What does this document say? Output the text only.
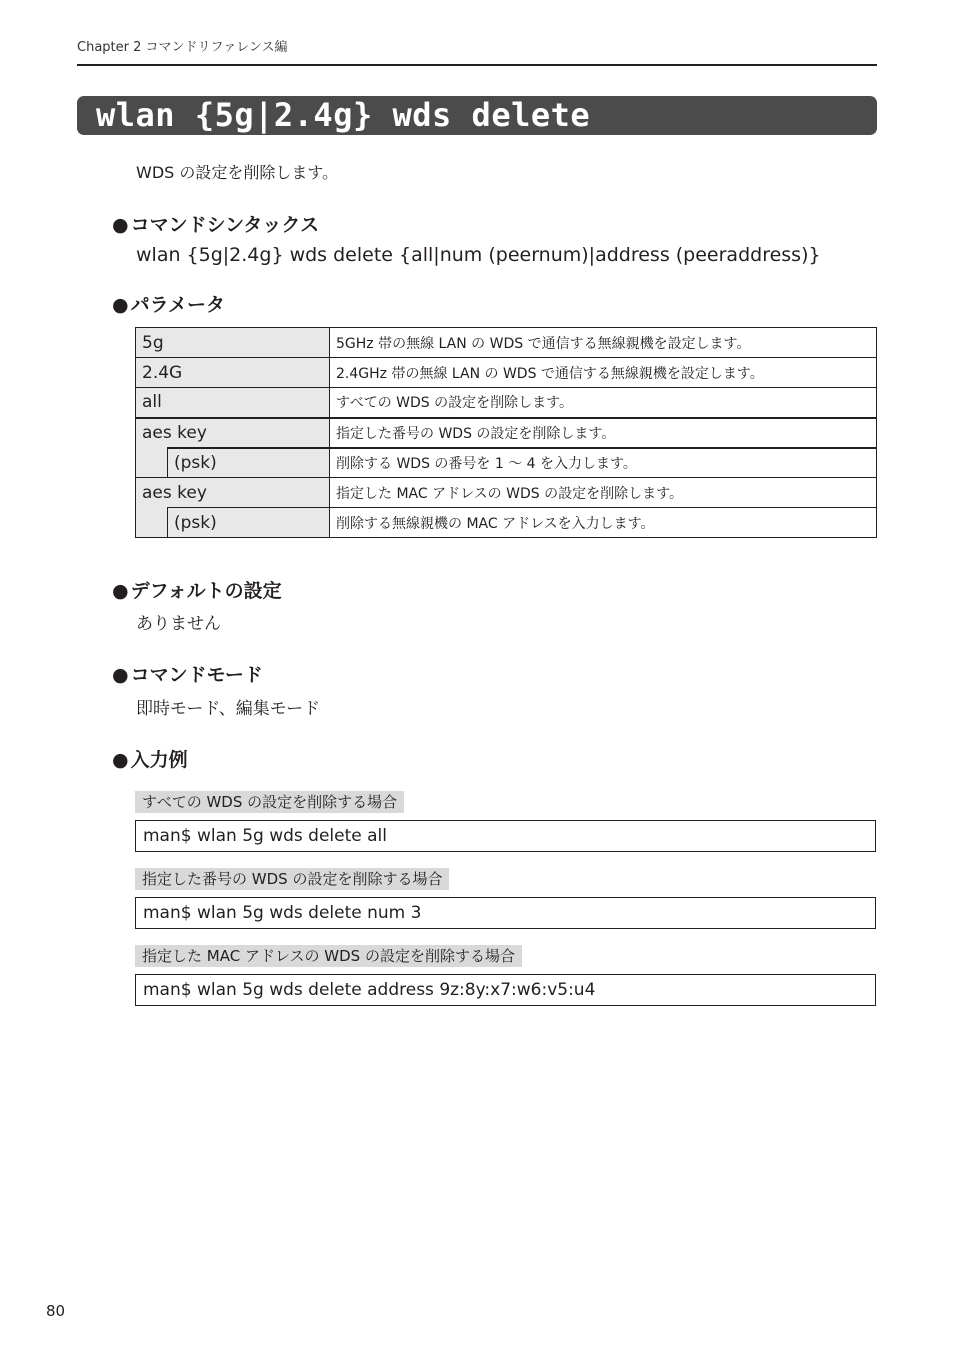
Chapter 2 コマンドリファレンス編
wlan {5g|2.4g} wds delete
WDS の設定を削除します。
● コマンドシンタックス
wlan {5g|2.4g} wds delete {all|num (peernum)|address (peeraddress)}
● パラメータ
5g		5GHz 帯の無線 LAN の WDS で通信する無線親機を設定します。
2.4G		2.4GHz 帯の無線 LAN の WDS で通信する無線親機を設定します。
all		すべての WDS の設定を削除します。
aes key		指定した番号の WDS の設定を削除します。
	(psk)	削除する WDS の番号を 1 〜 4 を入力します。
aes key		指定した MAC アドレスの WDS の設定を削除します。
	(psk)	削除する無線親機の MAC アドレスを入力します。
● デフォルトの設定
ありません
● コマンドモード
即時モード、編集モード
● 入力例
すべての WDS の設定を削除する場合
man$ wlan 5g wds delete all
指定した番号の WDS の設定を削除する場合
man$ wlan 5g wds delete num 3
指定した MAC アドレスの WDS の設定を削除する場合
man$ wlan 5g wds delete address 9z:8y:x7:w6:v5:u4
80
